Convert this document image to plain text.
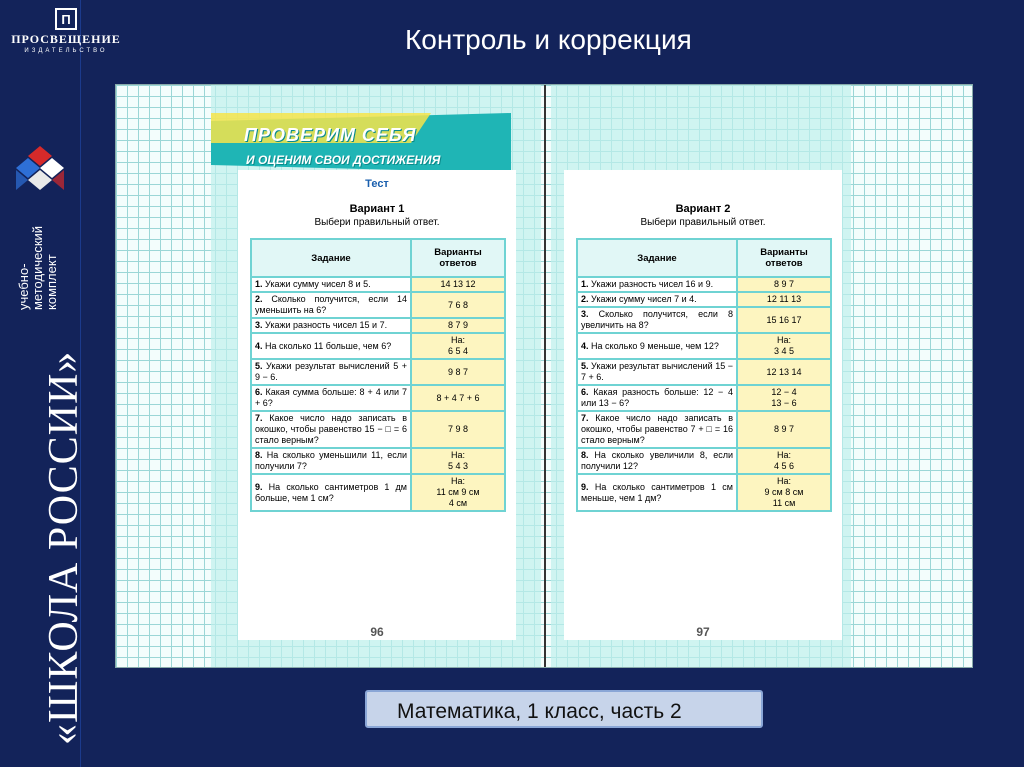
П
ПРОСВЕЩЕНИЕ
ИЗДАТЕЛЬСТВО
учебно- методический комплект
«ШКОЛА РОССИИ»
Контроль и коррекция
ПРОВЕРИМ СЕБЯ
И ОЦЕНИМ СВОИ ДОСТИЖЕНИЯ
Тест
Вариант 1
Выбери правильный ответ.
Задание	Варианты ответов
1. Укажи сумму чисел 8 и 5.	14 13 12
2. Сколько получится, если 14 уменьшить на 6?	7 6 8
3. Укажи разность чисел 15 и 7.	8 7 9
4. На сколько 11 больше, чем 6?	На:
6 5 4
5. Укажи результат вычислений 5 + 9 − 6.	9 8 7
6. Какая сумма больше: 8 + 4 или 7 + 6?	8 + 4 7 + 6
7. Какое число надо записать в окошко, чтобы равенство 15 − □ = 6 стало верным?	7 9 8
8. На сколько уменьшили 11, если получили 7?	На:
5 4 3
9. На сколько сантиметров 1 дм больше, чем 1 см?	На:
11 см 9 см
4 см
96
Вариант 2
Выбери правильный ответ.
Задание	Варианты ответов
1. Укажи разность чисел 16 и 9.	8 9 7
2. Укажи сумму чисел 7 и 4.	12 11 13
3. Сколько получится, если 8 увеличить на 8?	15 16 17
4. На сколько 9 меньше, чем 12?	На:
3 4 5
5. Укажи результат вычислений 15 − 7 + 6.	12 13 14
6. Какая разность больше: 12 − 4 или 13 − 6?	12 − 4
13 − 6
7. Какое число надо записать в окошко, чтобы равенство 7 + □ = 16 стало верным?	8 9 7
8. На сколько увеличили 8, если получили 12?	На:
4 5 6
9. На сколько сантиметров 1 см меньше, чем 1 дм?	На:
9 см 8 см
11 см
97
Математика, 1 класс, часть 2
